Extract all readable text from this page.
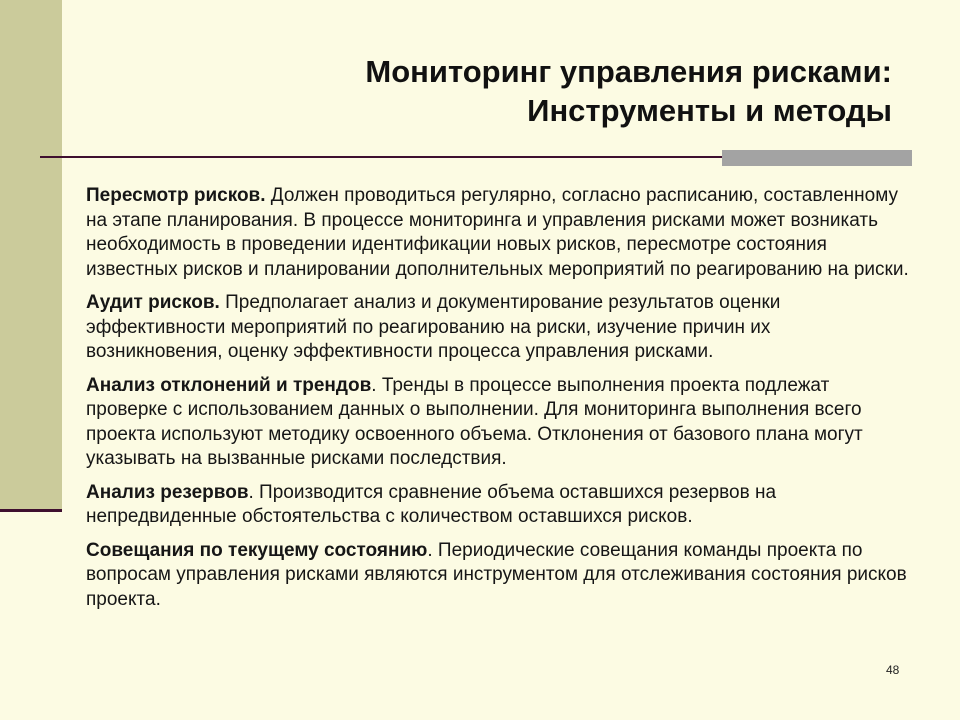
Мониторинг управления рисками:
Инструменты и методы

Пересмотр рисков. Должен проводиться регулярно, согласно расписанию, составленному на этапе планирования. В процессе мониторинга и управления рисками может возникать необходимость в проведении идентификации новых рисков, пересмотре состояния известных рисков и планировании дополнительных мероприятий по реагированию на риски.

Аудит рисков. Предполагает анализ и документирование результатов оценки эффективности мероприятий по реагированию на риски, изучение причин их возникновения, оценку эффективности процесса управления рисками.

Анализ отклонений и трендов. Тренды в процессе выполнения проекта подлежат проверке с использованием данных о выполнении. Для мониторинга выполнения всего проекта используют методику освоенного объема. Отклонения от базового плана могут указывать на вызванные рисками последствия.

Анализ резервов. Производится сравнение объема оставшихся резервов на непредвиденные обстоятельства с количеством оставшихся рисков.

Совещания по текущему состоянию. Периодические совещания команды проекта по вопросам управления рисками являются инструментом для отслеживания состояния рисков проекта.

48
